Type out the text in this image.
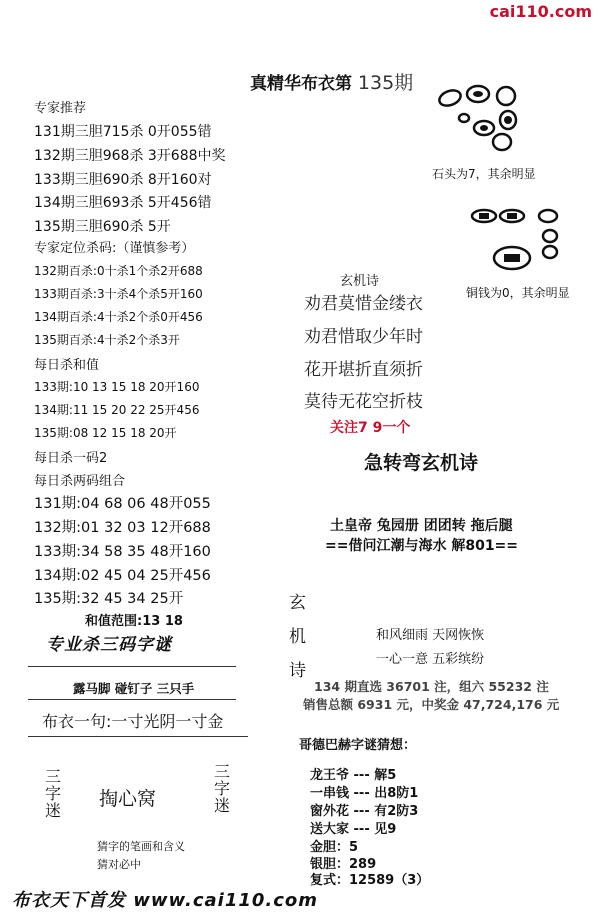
cai110.com
真精华布衣第 135期
专家推荐
131期三胆715杀 0开055错
132期三胆968杀 3开688中奖
133期三胆690杀 8开160对
134期三胆693杀 5开456错
135期三胆690杀 5开
专家定位杀码:（谨慎参考）
132期百杀:0十杀1个杀2开688
133期百杀:3十杀4个杀5开160
134期百杀:4十杀2个杀0开456
135期百杀:4十杀2个杀3开
每日杀和值
133期:10 13 15 18 20开160
134期:11 15 20 22 25开456
135期:08 12 15 18 20开
每日杀一码2
每日杀两码组合
131期:04 68 06 48开055
132期:01 32 03 12开688
133期:34 58 35 48开160
134期:02 45 04 25开456
135期:32 45 34 25开
和值范围:13 18
专业杀三码字谜
露马脚 碰钉子 三只手
布衣一句:一寸光阴一寸金
三字迷
三字迷
掏心窝
猜字的笔画和含义
猜对必中
石头为7，其余明显
铜钱为0，其余明显
玄机诗
劝君莫惜金缕衣
劝君惜取少年时
花开堪折直须折
莫待无花空折枝
关注7 9一个
急转弯玄机诗
土皇帝 兔园册 团团转 拖后腿
==借问江潮与海水 解801==
玄
机
诗
和风细雨 天网恢恢
一心一意 五彩缤纷
134 期直选 36701 注，组六 55232 注
销售总额 6931 元，中奖金 47,724,176 元
哥德巴赫字谜猜想：
龙王爷 --- 解5
一串钱 --- 出8防1
窗外花 --- 有2防3
送大家 --- 见9
金胆：5
银胆：289
复式：12589（3）
布衣天下首发 www.cai110.com
